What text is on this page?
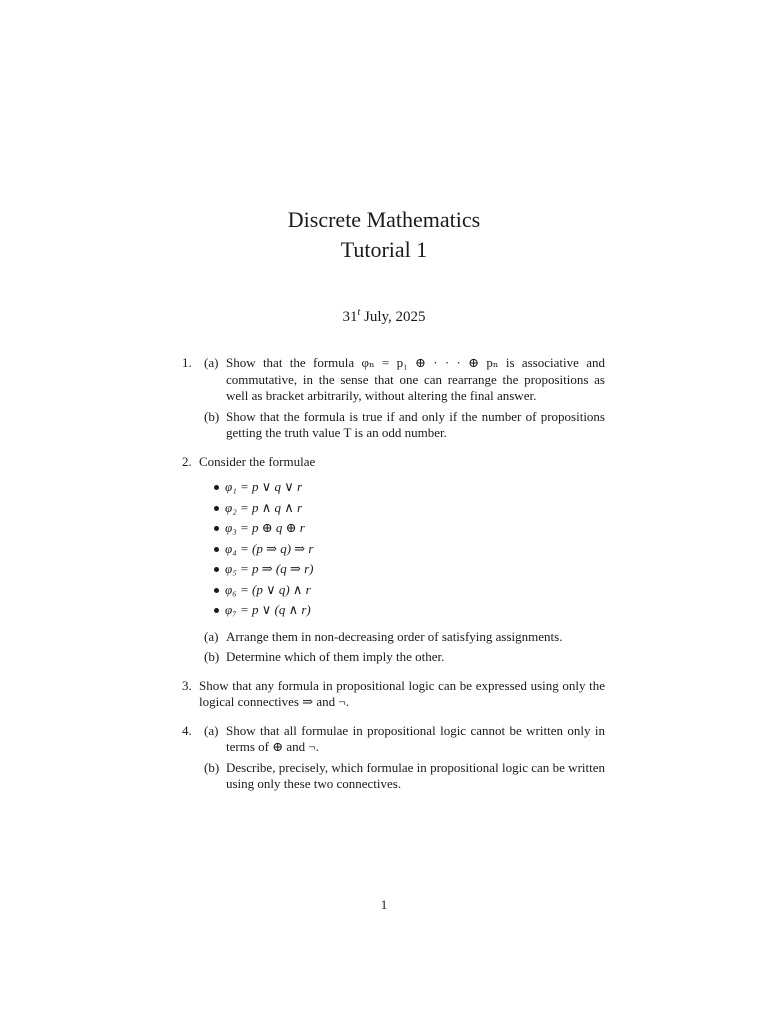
Discrete Mathematics
Tutorial 1
31$^t$ July, 2025
1. (a) Show that the formula φₙ = p₁ ⊕ · · · ⊕ pₙ is associative and commutative, in the sense that one can rearrange the propositions as well as bracket arbitrarily, without altering the final answer.
(b) Show that the formula is true if and only if the number of propositions getting the truth value T is an odd number.
2. Consider the formulae
φ₁ = p ∨ q ∨ r
φ₂ = p ∧ q ∧ r
φ₃ = p ⊕ q ⊕ r
φ₄ = (p ⇒ q) ⇒ r
φ₅ = p ⇒ (q ⇒ r)
φ₆ = (p ∨ q) ∧ r
φ₇ = p ∨ (q ∧ r)
(a) Arrange them in non-decreasing order of satisfying assignments.
(b) Determine which of them imply the other.
3. Show that any formula in propositional logic can be expressed using only the logical connectives ⇒ and ¬.
4. (a) Show that all formulae in propositional logic cannot be written only in terms of ⊕ and ¬.
(b) Describe, precisely, which formulae in propositional logic can be written using only these two connectives.
1
